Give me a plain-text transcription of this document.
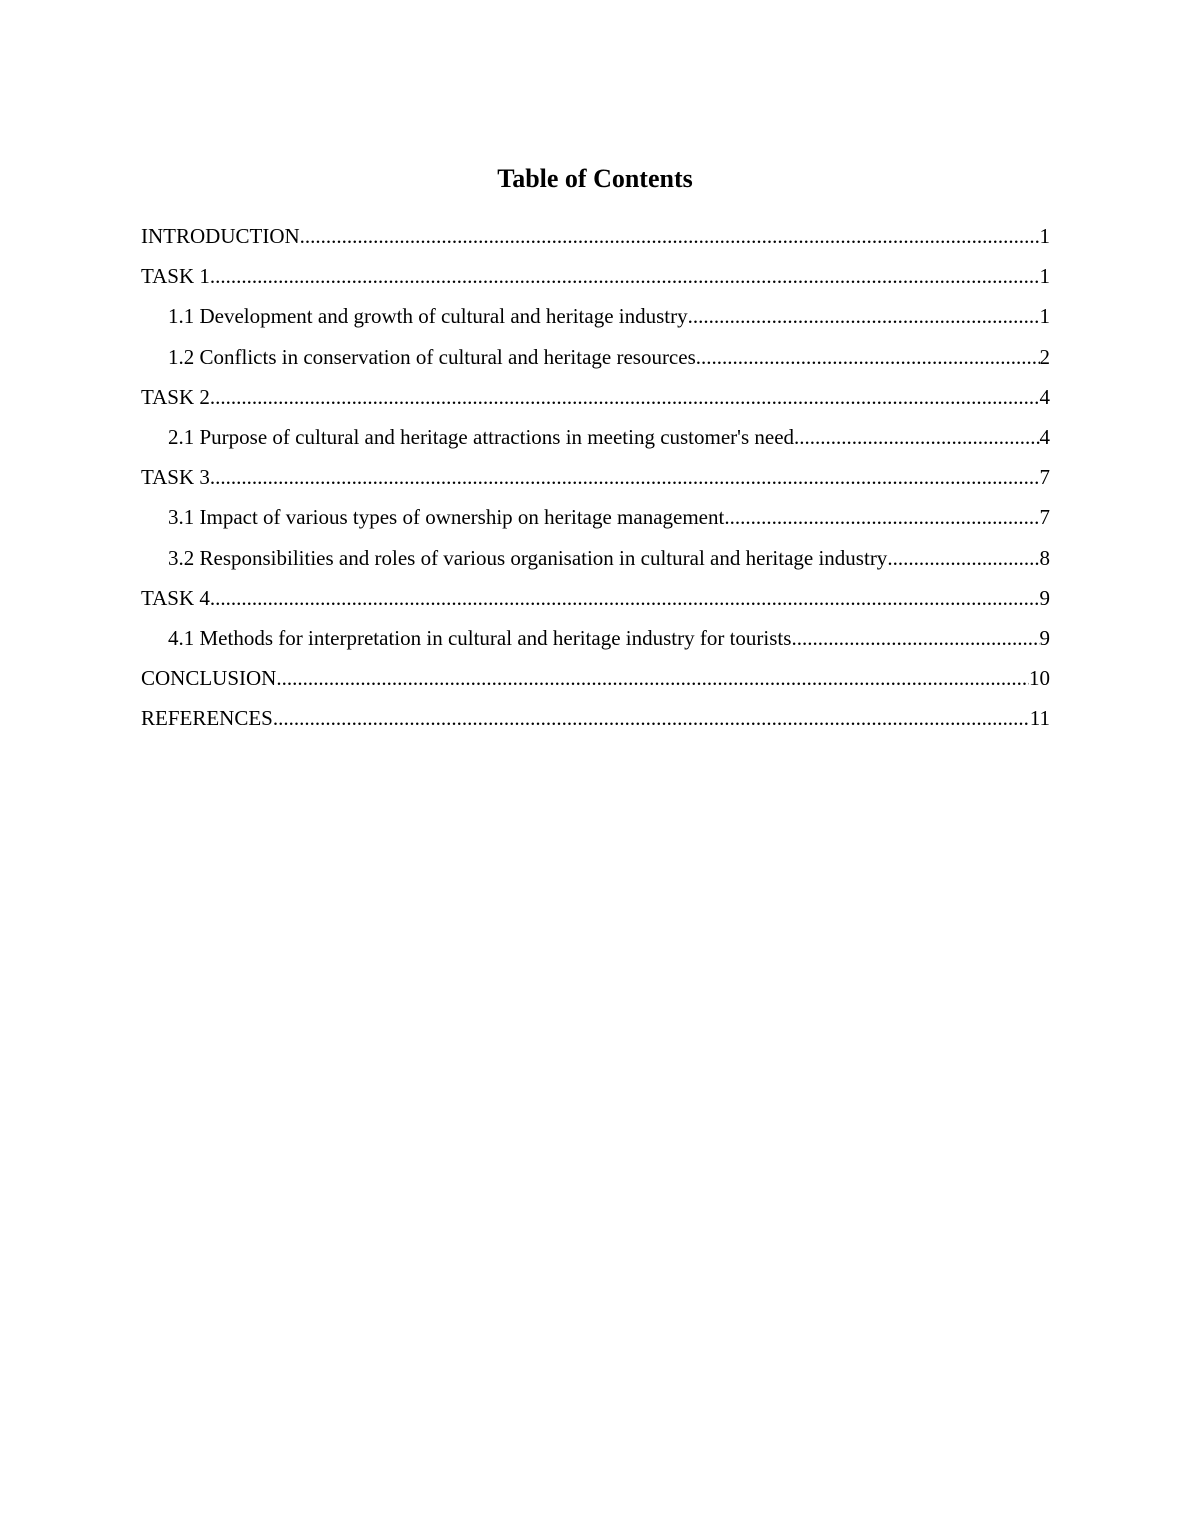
Table of Contents
INTRODUCTION .....	1
TASK 1 .....	1
1.1 Development and growth of cultural and heritage industry .....	1
1.2 Conflicts in conservation of cultural and heritage resources .....	2
TASK 2 .....	4
2.1 Purpose of cultural and heritage attractions in meeting customer's need .....	4
TASK 3 .....	7
3.1 Impact of various types of ownership on heritage management .....	7
3.2 Responsibilities and roles of various organisation in cultural and heritage industry .....	8
TASK 4 .....	9
4.1 Methods for interpretation in cultural and heritage industry for tourists .....	9
CONCLUSION .....	10
REFERENCES .....	11
